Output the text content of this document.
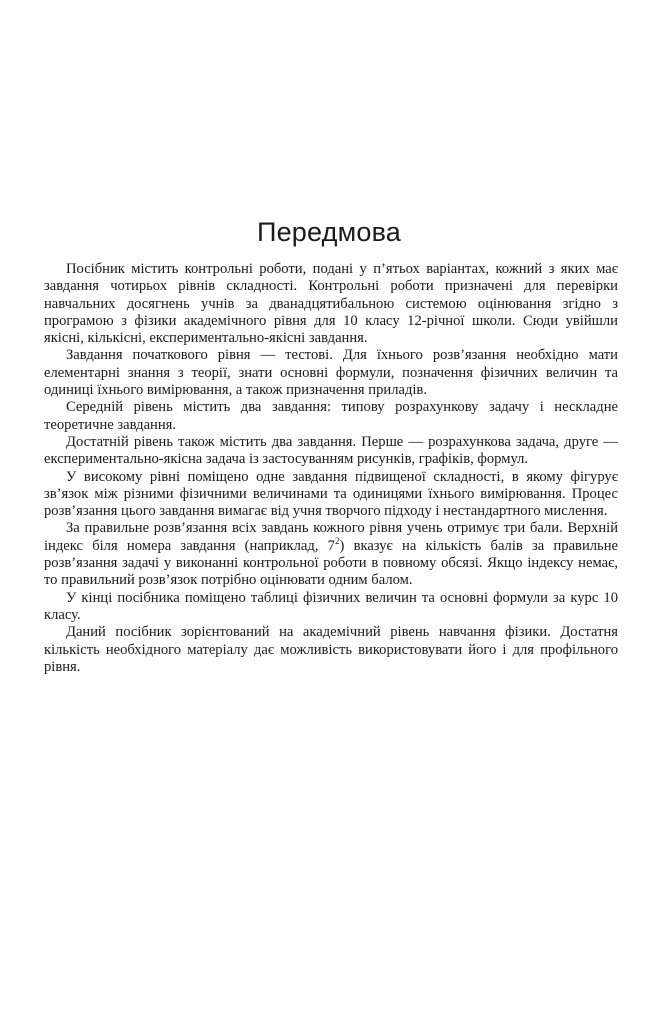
Передмова

Посібник містить контрольні роботи, подані у п’ятьох варіантах, кожний з яких має завдання чотирьох рівнів складності. Контрольні роботи призначені для перевірки навчальних досягнень учнів за дванадцятибальною системою оцінювання згідно з програмою з фізики академічного рівня для 10 класу 12-річної школи. Сюди увійшли якісні, кількісні, експериментально-якісні завдання.

Завдання початкового рівня — тестові. Для їхнього розв’язання необхідно мати елементарні знання з теорії, знати основні формули, позначення фізичних величин та одиниці їхнього вимірювання, а також призначення приладів.

Середній рівень містить два завдання: типову розрахункову задачу і нескладне теоретичне завдання.

Достатній рівень також містить два завдання. Перше — розрахункова задача, друге — експериментально-якісна задача із застосуванням рисунків, графіків, формул.

У високому рівні поміщено одне завдання підвищеної складності, в якому фігурує зв’язок між різними фізичними величинами та одиницями їхнього вимірювання. Процес розв’язання цього завдання вимагає від учня творчого підходу і нестандартного мислення.

За правильне розв’язання всіх завдань кожного рівня учень отримує три бали. Верхній індекс біля номера завдання (наприклад, $7^2$) вказує на кількість балів за правильне розв’язання задачі у виконанні контрольної роботи в повному обсязі. Якщо індексу немає, то правильний розв’язок потрібно оцінювати одним балом.

У кінці посібника поміщено таблиці фізичних величин та основні формули за курс 10 класу.

Даний посібник зорієнтований на академічний рівень навчання фізики. Достатня кількість необхідного матеріалу дає можливість використовувати його і для профільного рівня.
